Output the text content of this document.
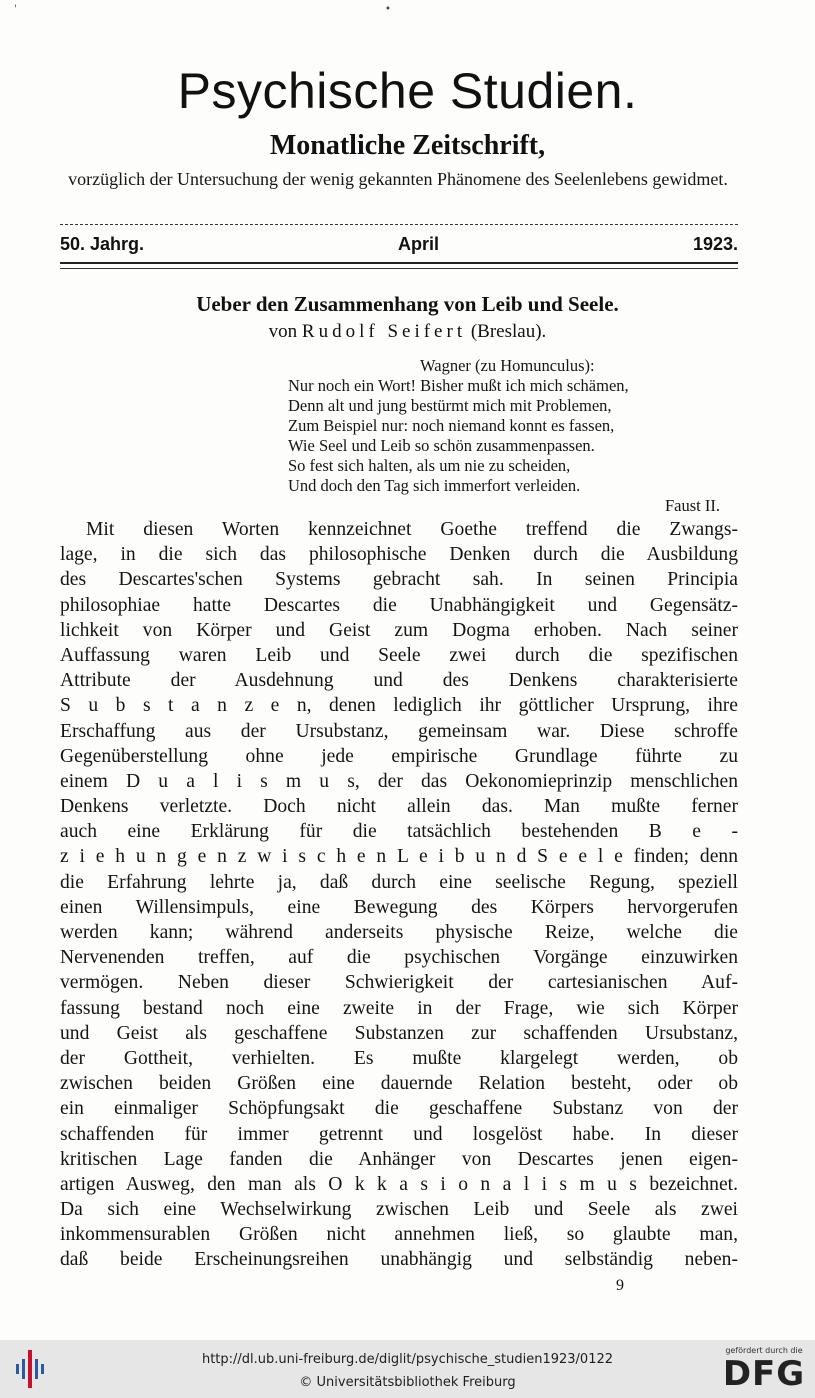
'	•
Psychische Studien.
Monatliche Zeitschrift,
vorzüglich der Untersuchung der wenig gekannten Phänomene des Seelenlebens gewidmet.
50. Jahrg.	April	1923.
Ueber den Zusammenhang von Leib und Seele.
von Rudolf Seifert (Breslau).
Wagner (zu Homunculus):
Nur noch ein Wort! Bisher mußt ich mich schämen,
Denn alt und jung bestürmt mich mit Problemen,
Zum Beispiel nur: noch niemand konnt es fassen,
Wie Seel und Leib so schön zusammenpassen.
So fest sich halten, als um nie zu scheiden,
Und doch den Tag sich immerfort verleiden.
Faust II.
Mit diesen Worten kennzeichnet Goethe treffend die Zwangs-
lage, in die sich das philosophische Denken durch die Ausbildung
des Descartes'schen Systems gebracht sah. In seinen Principia
philosophiae hatte Descartes die Unabhängigkeit und Gegensätz-
lichkeit von Körper und Geist zum Dogma erhoben. Nach seiner
Auffassung waren Leib und Seele zwei durch die spezifischen
Attribute der Ausdehnung und des Denkens charakterisierte
S u b s t a n z e n, denen lediglich ihr göttlicher Ursprung, ihre
Erschaffung aus der Ursubstanz, gemeinsam war. Diese schroffe
Gegenüberstellung ohne jede empirische Grundlage führte zu
einem D u a l i s m u s, der das Oekonomieprinzip menschlichen
Denkens verletzte. Doch nicht allein das. Man mußte ferner
auch eine Erklärung für die tatsächlich bestehenden B e -
z i e h u n g e n z w i s c h e n L e i b u n d S e e l e finden; denn
die Erfahrung lehrte ja, daß durch eine seelische Regung, speziell
einen Willensimpuls, eine Bewegung des Körpers hervorgerufen
werden kann; während anderseits physische Reize, welche die
Nervenenden treffen, auf die psychischen Vorgänge einzuwirken
vermögen. Neben dieser Schwierigkeit der cartesianischen Auf-
fassung bestand noch eine zweite in der Frage, wie sich Körper
und Geist als geschaffene Substanzen zur schaffenden Ursubstanz,
der Gottheit, verhielten. Es mußte klargelegt werden, ob
zwischen beiden Größen eine dauernde Relation besteht, oder ob
ein einmaliger Schöpfungsakt die geschaffene Substanz von der
schaffenden für immer getrennt und losgelöst habe. In dieser
kritischen Lage fanden die Anhänger von Descartes jenen eigen-
artigen Ausweg, den man als O k k a s i o n a l i s m u s bezeichnet.
Da sich eine Wechselwirkung zwischen Leib und Seele als zwei
inkommensurablen Größen nicht annehmen ließ, so glaubte man,
daß beide Erscheinungsreihen unabhängig und selbständig neben-
9
http://dl.ub.uni-freiburg.de/diglit/psychische_studien1923/0122
© Universitätsbibliothek Freiburg
gefördert durch die
DFG
